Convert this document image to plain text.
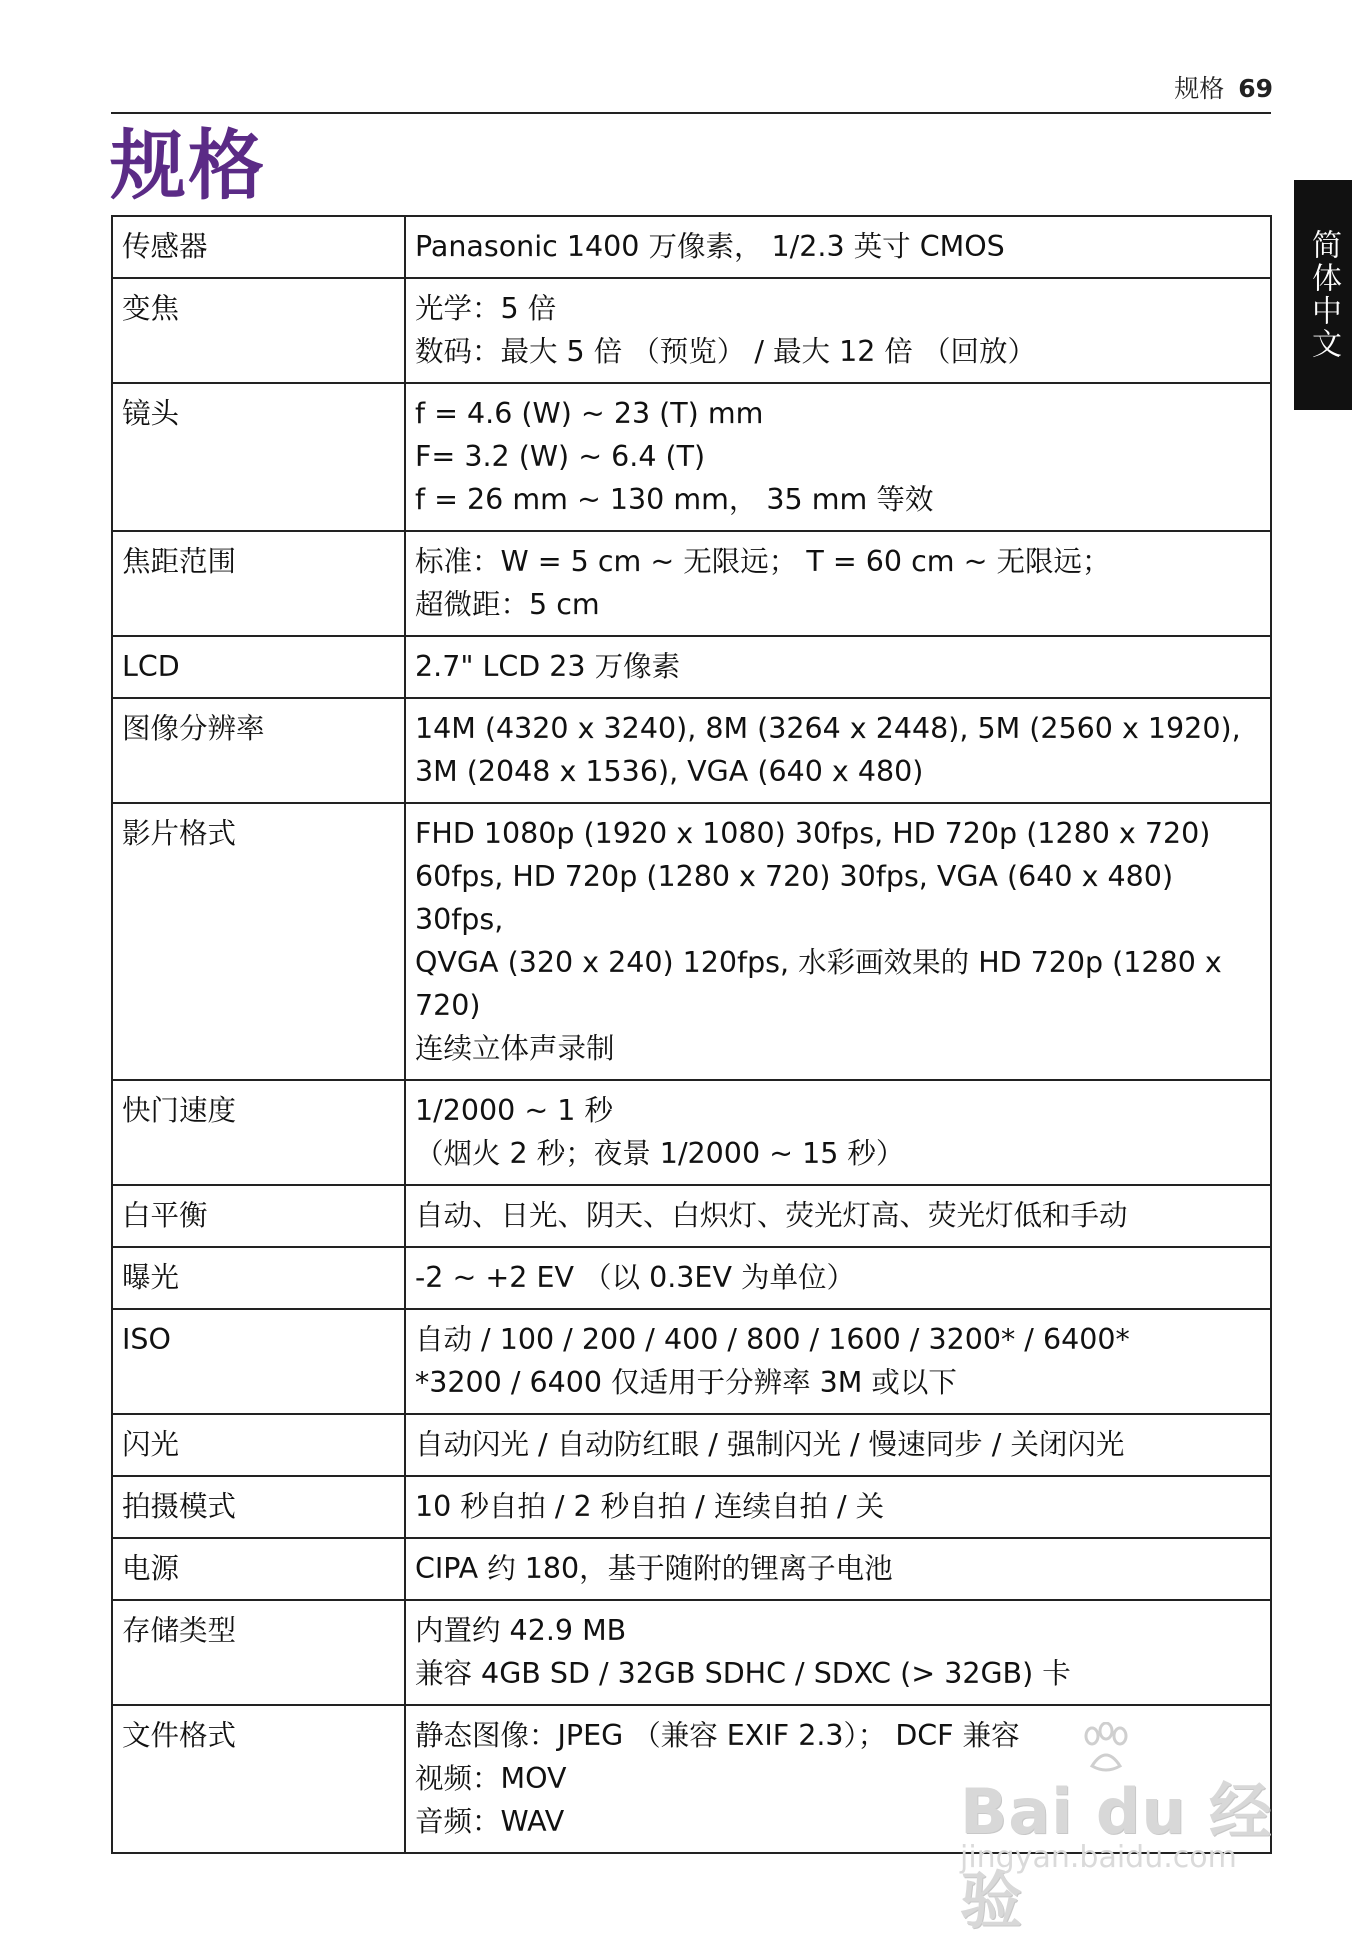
规格 69
规格
简体中文
传感器	Panasonic 1400 万像素， 1/2.3 英寸 CMOS
变焦	光学：5 倍
数码：最大 5 倍 （预览） / 最大 12 倍 （回放）
镜头	f = 4.6 (W) ~ 23 (T) mm
F= 3.2 (W) ~ 6.4 (T)
f = 26 mm ~ 130 mm， 35 mm 等效
焦距范围	标准：W = 5 cm ~ 无限远； T = 60 cm ~ 无限远；
超微距：5 cm
LCD	2.7" LCD 23 万像素
图像分辨率	14M (4320 x 3240), 8M (3264 x 2448), 5M (2560 x 1920),
3M (2048 x 1536), VGA (640 x 480)
影片格式	FHD 1080p (1920 x 1080) 30fps, HD 720p (1280 x 720)
60fps, HD 720p (1280 x 720) 30fps, VGA (640 x 480) 30fps,
QVGA (320 x 240) 120fps, 水彩画效果的 HD 720p (1280 x
720)
连续立体声录制
快门速度	1/2000 ~ 1 秒
（烟火 2 秒；夜景 1/2000 ~ 15 秒）
白平衡	自动、日光、阴天、白炽灯、荧光灯高、荧光灯低和手动
曝光	-2 ~ +2 EV （以 0.3EV 为单位）
ISO	自动 / 100 / 200 / 400 / 800 / 1600 / 3200* / 6400*
*3200 / 6400 仅适用于分辨率 3M 或以下
闪光	自动闪光 / 自动防红眼 / 强制闪光 / 慢速同步 / 关闭闪光
拍摄模式	10 秒自拍 / 2 秒自拍 / 连续自拍 / 关
电源	CIPA 约 180，基于随附的锂离子电池
存储类型	内置约 42.9 MB
兼容 4GB SD / 32GB SDHC / SDXC (> 32GB) 卡
文件格式	静态图像：JPEG （兼容 EXIF 2.3）； DCF 兼容
视频：MOV
音频：WAV	Bai du 经验
jingyan.baidu.com
